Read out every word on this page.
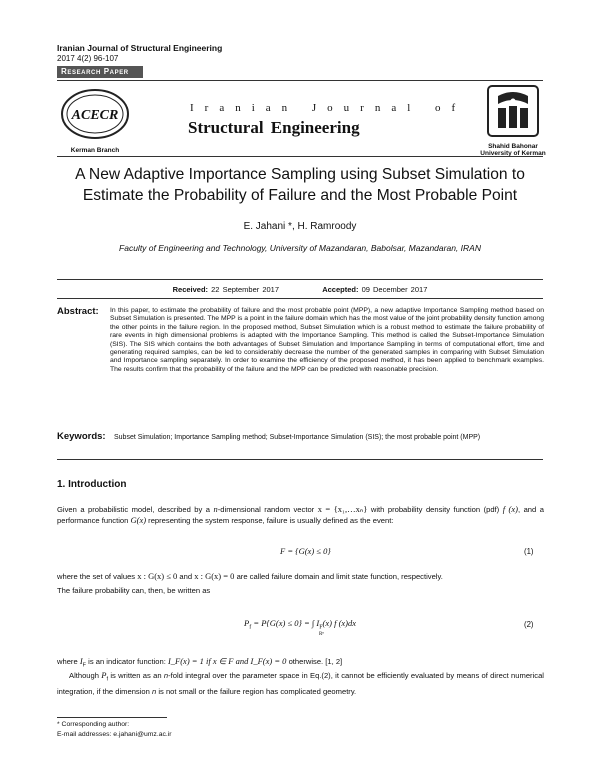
Iranian Journal of Structural Engineering
2017 4(2) 96-107
Research Paper
ACECR
Kerman Branch
Iranian Journal of
Structural Engineering
Shahid Bahonar
University of Kerman
A New Adaptive Importance Sampling using Subset Simulation to
Estimate the Probability of Failure and the Most Probable Point
E. Jahani *, H. Ramroody
Faculty of Engineering and Technology, University of Mazandaran, Babolsar, Mazandaran, IRAN
Received: 22 September 2017	Accepted: 09 December 2017
Abstract: In this paper, to estimate the probability of failure and the most probable point (MPP), a new adaptive Importance Sampling method based on Subset Simulation is presented. The MPP is a point in the failure domain which has the most value of the joint probability density function among the other points in the failure region. In the proposed method, Subset Simulation which is a robust method to estimate the failure probability of rare events in high dimensional problems is adapted with the Importance Sampling. This method is called the Subset-Importance Simulation (SIS). The SIS which contains the both advantages of Subset Simulation and Importance Sampling in terms of computational effort, time and generating required samples, can be led to considerably decrease the number of the generated samples in comparing with Subset Simulation and Importance sampling separately. In order to examine the efficiency of the proposed method, it has been applied to benchmark examples. The results confirm that the probability of the failure and the MPP can be predicted with reasonable precision.
Keywords: Subset Simulation; Importance Sampling method; Subset-Importance Simulation (SIS); the most probable point (MPP)
1. Introduction
Given a probabilistic model, described by a n-dimensional random vector x = {x₁,…xₙ} with probability density function (pdf) f (x), and a performance function G(x) representing the system response, failure is usually defined as the event:
F = {G(x) ≤ 0}	(1)
where the set of values x : G(x) ≤ 0 and x : G(x) = 0 are called failure domain and limit state function, respectively.
The failure probability can, then, be written as
$P_f = P\{G(x) \le 0\}$ = ∫ $I_F(x)$ f (x)dx
Rⁿ
(2)
where $I_F$ is an indicator function: I_F(x) = 1 if x ∈ F and I_F(x) = 0 otherwise. [1, 2]
Although $P_f$ is written as an n-fold integral over the parameter space in Eq.(2), it cannot be efficiently evaluated by means of direct numerical integration, if the dimension n is not small or the failure region has complicated geometry.
* Corresponding author:
E-mail addresses: e.jahani@umz.ac.ir
